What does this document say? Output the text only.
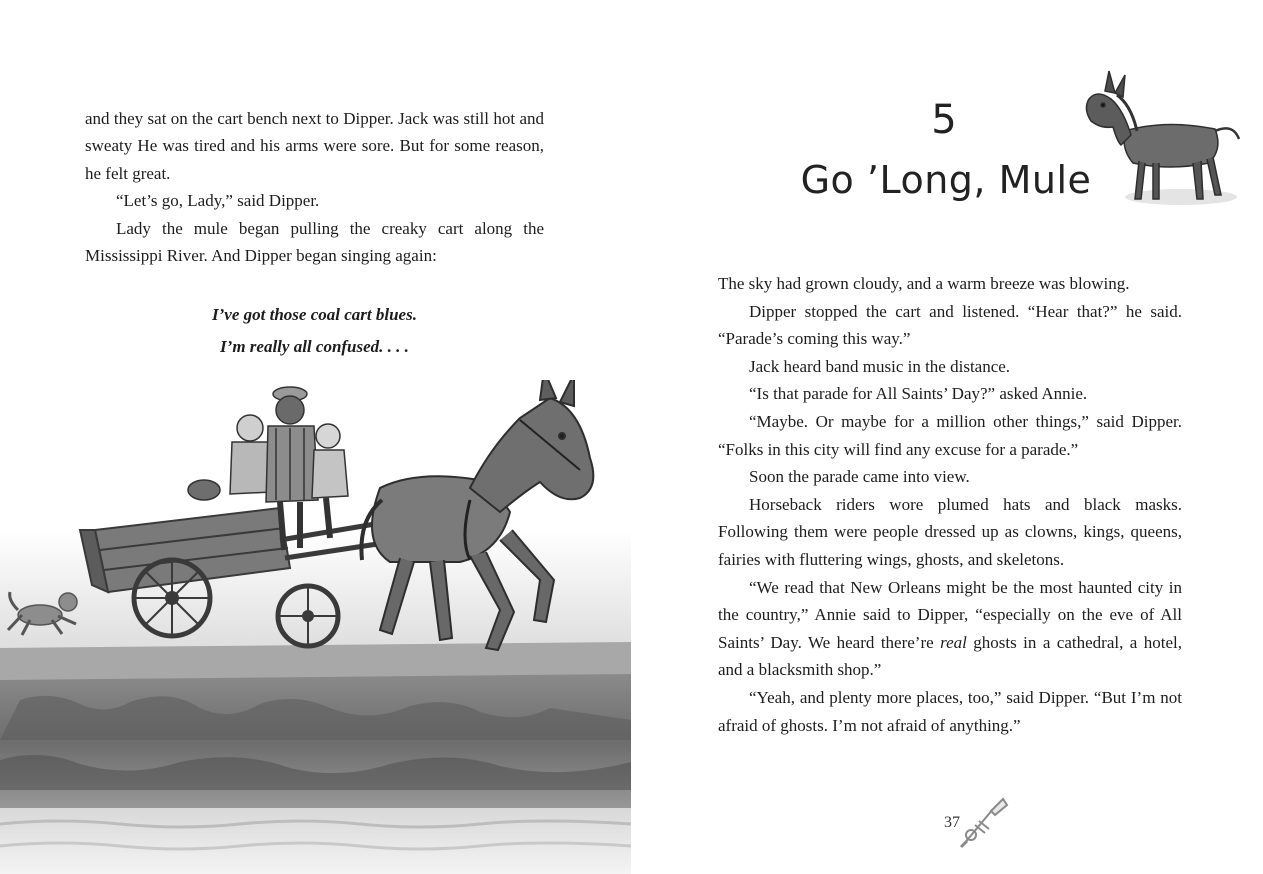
and they sat on the cart bench next to Dipper. Jack was still hot and sweaty He was tired and his arms were sore. But for some reason, he felt great.

“Let’s go, Lady,” said Dipper.

Lady the mule began pulling the creaky cart along the Mississippi River. And Dipper began singing again:

I’ve got those coal cart blues.
I’m really all confused. . . .
5
Go ’Long, Mule

The sky had grown cloudy, and a warm breeze was blowing.

Dipper stopped the cart and listened. “Hear that?” he said. “Parade’s coming this way.”

Jack heard band music in the distance.

“Is that parade for All Saints’ Day?” asked Annie.

“Maybe. Or maybe for a million other things,” said Dipper. “Folks in this city will find any excuse for a parade.”

Soon the parade came into view.

Horseback riders wore plumed hats and black masks. Following them were people dressed up as clowns, kings, queens, fairies with fluttering wings, ghosts, and skeletons.

“We read that New Orleans might be the most haunted city in the country,” Annie said to Dipper, “especially on the eve of All Saints’ Day. We heard there’re real ghosts in a cathedral, a hotel, and a blacksmith shop.”

“Yeah, and plenty more places, too,” said Dipper. “But I’m not afraid of ghosts. I’m not afraid of anything.”

37
